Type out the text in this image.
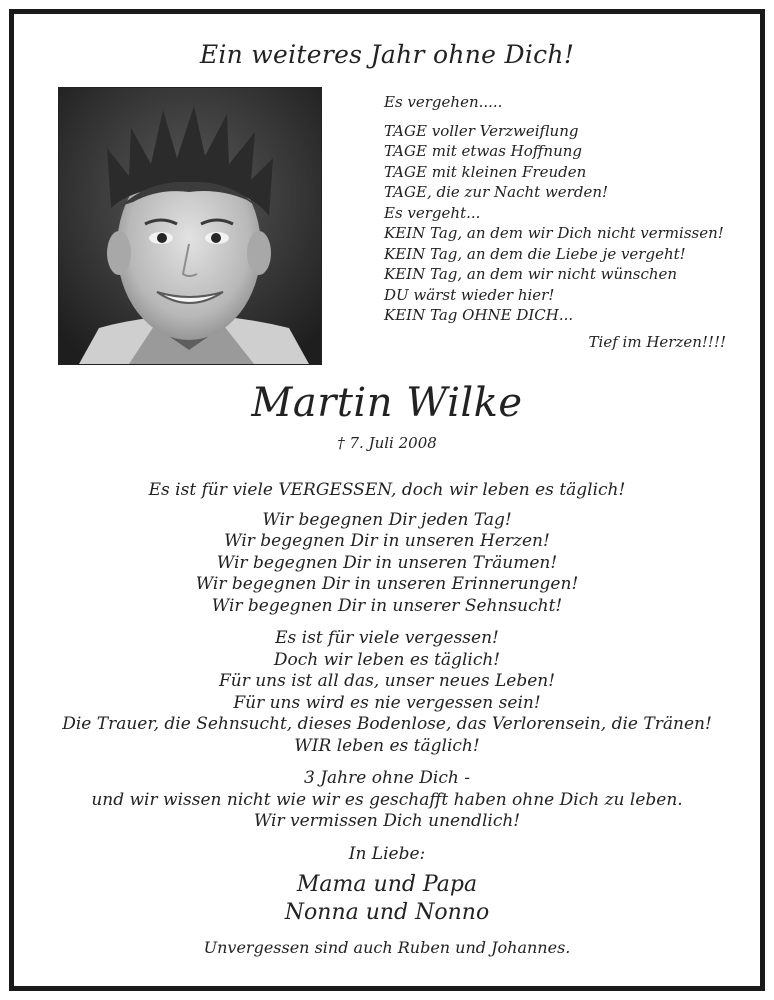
Ein weiteres Jahr ohne Dich!
Es vergehen.....
TAGE voller Verzweiflung
TAGE mit etwas Hoffnung
TAGE mit kleinen Freuden
TAGE, die zur Nacht werden!
Es vergeht...
KEIN Tag, an dem wir Dich nicht vermissen!
KEIN Tag, an dem die Liebe je vergeht!
KEIN Tag, an dem wir nicht wünschen
DU wärst wieder hier!
KEIN Tag OHNE DICH...
Tief im Herzen!!!!
Martin Wilke
† 7. Juli 2008
Es ist für viele VERGESSEN, doch wir leben es täglich!
Wir begegnen Dir jeden Tag!
Wir begegnen Dir in unseren Herzen!
Wir begegnen Dir in unseren Träumen!
Wir begegnen Dir in unseren Erinnerungen!
Wir begegnen Dir in unserer Sehnsucht!
Es ist für viele vergessen!
Doch wir leben es täglich!
Für uns ist all das, unser neues Leben!
Für uns wird es nie vergessen sein!
Die Trauer, die Sehnsucht, dieses Bodenlose, das Verlorensein, die Tränen!
WIR leben es täglich!
3 Jahre ohne Dich -
und wir wissen nicht wie wir es geschafft haben ohne Dich zu leben.
Wir vermissen Dich unendlich!
In Liebe:
Mama und Papa
Nonna und Nonno
Unvergessen sind auch Ruben und Johannes.
